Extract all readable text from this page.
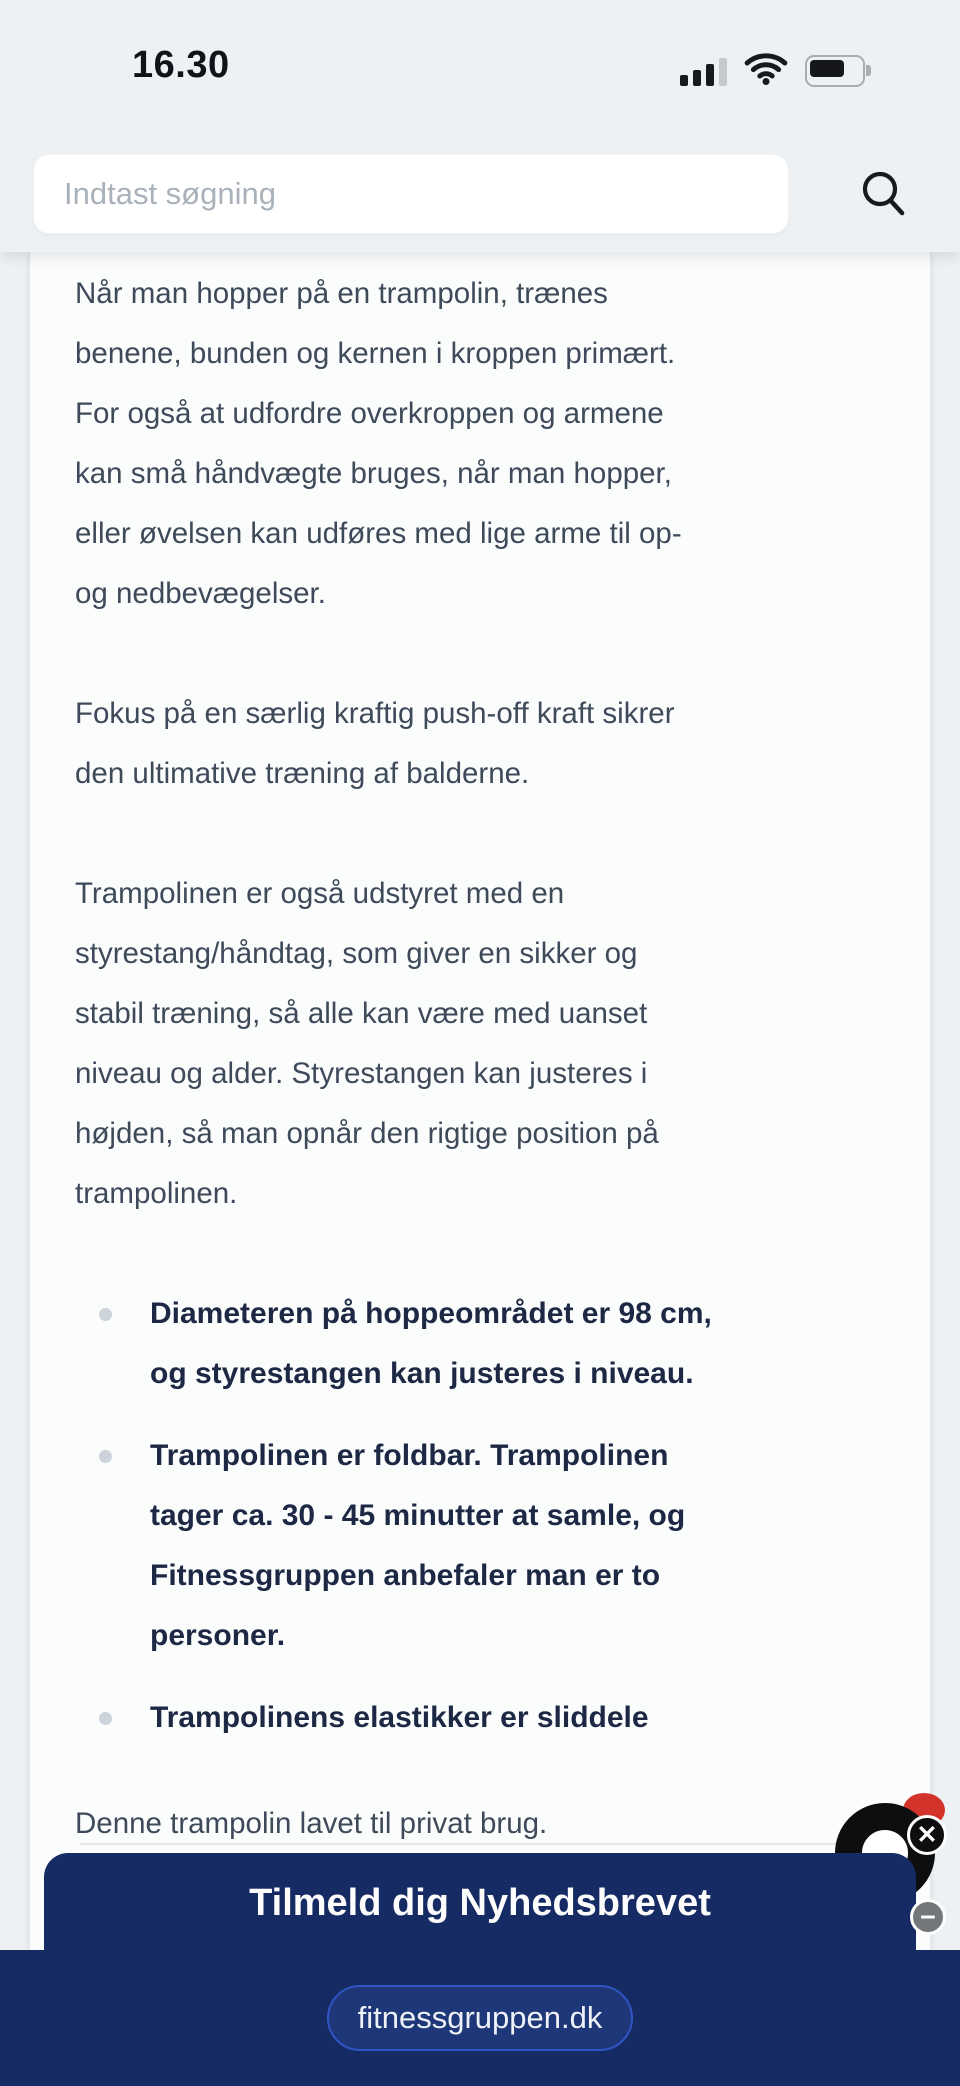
16.30
Indtast søgning
Når man hopper på en trampolin, trænes
benene, bunden og kernen i kroppen primært.
For også at udfordre overkroppen og armene
kan små håndvægte bruges, når man hopper,
eller øvelsen kan udføres med lige arme til op-
og nedbevægelser.
Fokus på en særlig kraftig push-off kraft sikrer
den ultimative træning af balderne.
Trampolinen er også udstyret med en
styrestang/håndtag, som giver en sikker og
stabil træning, så alle kan være med uanset
niveau og alder. Styrestangen kan justeres i
højden, så man opnår den rigtige position på
trampolinen.
Diameteren på hoppeområdet er 98 cm,
og styrestangen kan justeres i niveau.
Trampolinen er foldbar. Trampolinen
tager ca. 30 - 45 minutter at samle, og
Fitnessgruppen anbefaler man er to
personer.
Trampolinens elastikker er sliddele

Denne trampolin lavet til privat brug.	✕
−
Tilmeld dig Nyhedsbrevet
fitnessgruppen.dk
